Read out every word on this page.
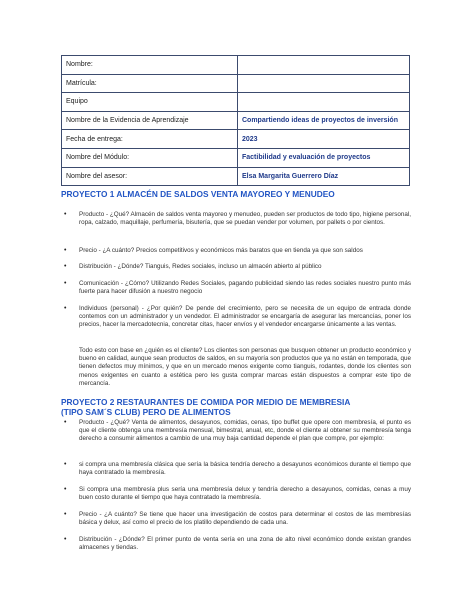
Nombre:	
Matrícula:	
Equipo	
Nombre de la Evidencia de Aprendizaje	Compartiendo ideas de proyectos de inversión
Fecha de entrega:	2023
Nombre del Módulo:	Factibilidad y evaluación de proyectos
Nombre del asesor:	Elsa Margarita Guerrero Díaz
PROYECTO 1 ALMACÉN DE SALDOS VENTA MAYOREO Y MENUDEO
• Producto - ¿Qué? Almacén de saldos venta mayoreo y menudeo, pueden ser productos de todo tipo, higiene personal, ropa, calzado, maquillaje, perfumería, bisutería, que se puedan vender por volumen, por pallets o por cientos.
• Precio - ¿A cuánto? Precios competitivos y económicos más baratos que en tienda ya que son saldos
• Distribución - ¿Dónde? Tianguis, Redes sociales, incluso un almacén abierto al público
• Comunicación - ¿Cómo? Utilizando Redes Sociales, pagando publicidad siendo las redes sociales nuestro punto más fuerte para hacer difusión a nuestro negocio
• Individuos (personal) - ¿Por quién? De pende del crecimiento, pero se necesita de un equipo de entrada donde contemos con un administrador y un vendedor. El administrador se encargaría de asegurar las mercancías, poner los precios, hacer la mercadotecnia, concretar citas, hacer envíos y el vendedor encargarse únicamente a las ventas.

Todo esto con base en ¿quién es el cliente? Los clientes son personas que busquen obtener un producto económico y bueno en calidad, aunque sean productos de saldos, en su mayoría son productos que ya no están en temporada, que tienen defectos muy mínimos, y que en un mercado menos exigente como tianguis, rodantes, donde los clientes son menos exigentes en cuanto a estética pero les gusta comprar marcas están dispuestos a comprar este tipo de mercancía.

PROYECTO 2 RESTAURANTES DE COMIDA POR MEDIO DE MEMBRESIA
(TIPO SAM´S CLUB) PERO DE ALIMENTOS
• Producto - ¿Qué? Venta de alimentos, desayunos, comidas, cenas, tipo buffet que opere con membresía, el punto es que el cliente obtenga una membresía mensual, bimestral, anual, etc, donde el cliente al obtener su membresía tenga derecho a consumir alimentos a cambio de una muy baja cantidad depende el plan que compre, por ejemplo:
• si compra una membresía clásica que sería la básica tendría derecho a desayunos económicos durante el tiempo que haya contratado la membresía.
• Si compra una membresía plus sería una membresía delux y tendría derecho a desayunos, comidas, cenas a muy buen costo durante el tiempo que haya contratado la membresía.
• Precio - ¿A cuánto? Se tiene que hacer una investigación de costos para determinar el costos de las membresías básica y delux, así como el precio de los platillo dependiendo de cada una.
• Distribución - ¿Dónde? El primer punto de venta sería en una zona de alto nivel económico donde existan grandes almacenes y tiendas.
